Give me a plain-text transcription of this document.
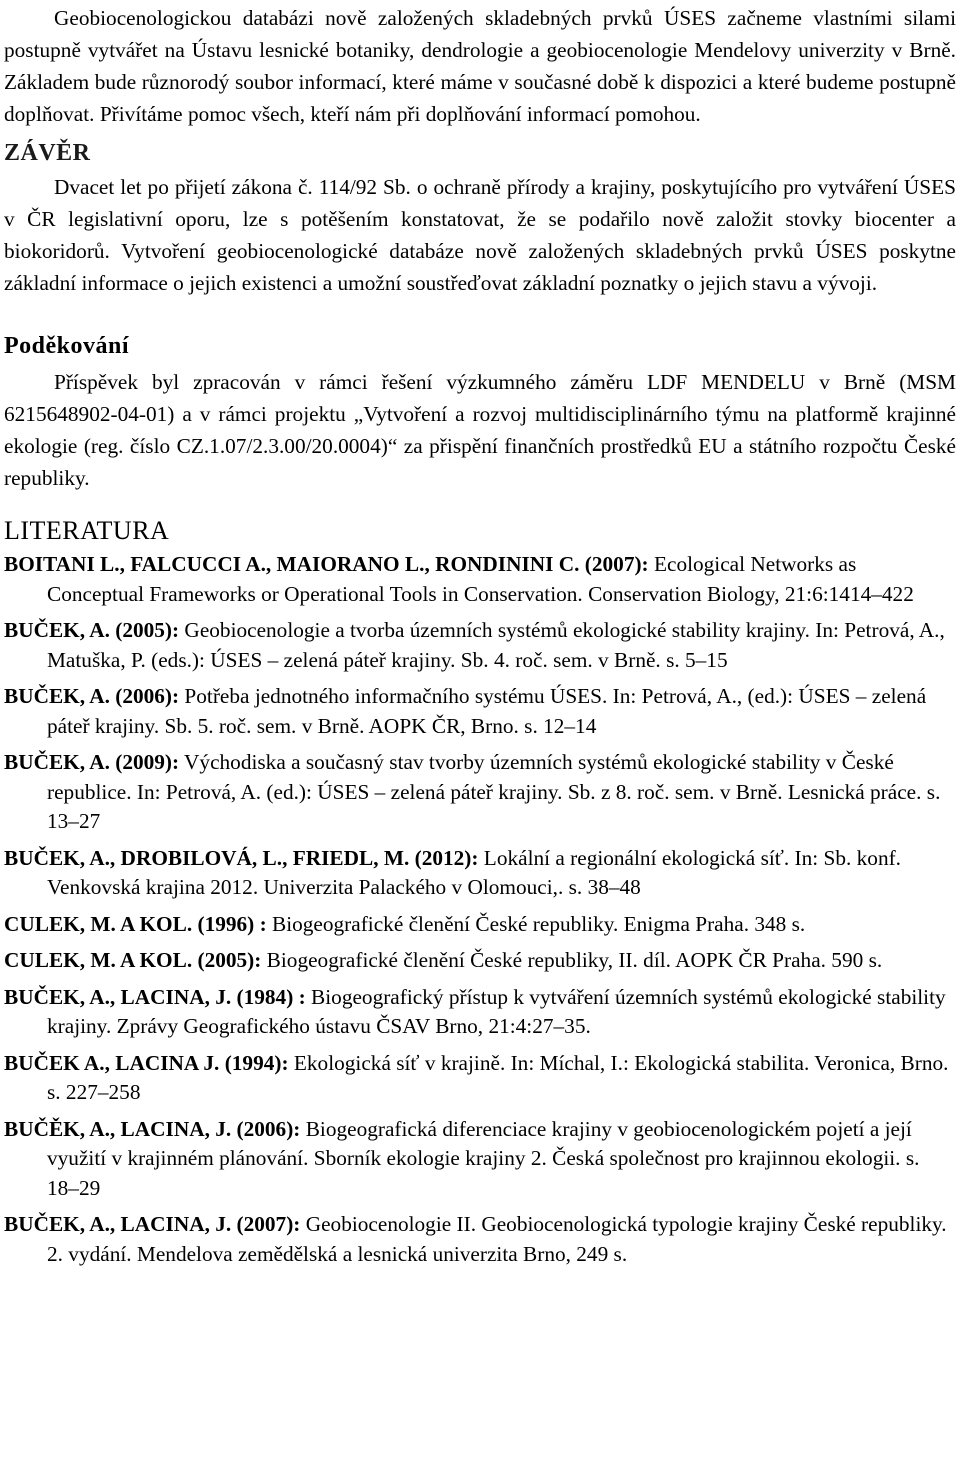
Geobiocenologickou databázi nově založených skladebných prvků ÚSES začneme vlastními silami postupně vytvářet na Ústavu lesnické botaniky, dendrologie a geobiocenologie Mendelovy univerzity v Brně. Základem bude různorodý soubor informací, které máme v současné době k dispozici a které budeme postupně doplňovat. Přivítáme pomoc všech, kteří nám při doplňování informací pomohou.

ZÁVĚR

Dvacet let po přijetí zákona č. 114/92 Sb. o ochraně přírody a krajiny, poskytujícího pro vytváření ÚSES v ČR legislativní oporu, lze s potěšením konstatovat, že se podařilo nově založit stovky biocenter a biokoridorů. Vytvoření geobiocenologické databáze nově založených skladebných prvků ÚSES poskytne základní informace o jejich existenci a umožní soustřeďovat základní poznatky o jejich stavu a vývoji.

Poděkování

Příspěvek byl zpracován v rámci řešení výzkumného záměru LDF MENDELU v Brně (MSM 6215648902-04-01) a v rámci projektu „Vytvoření a rozvoj multidisciplinárního týmu na platformě krajinné ekologie (reg. číslo CZ.1.07/2.3.00/20.0004)“ za přispění finančních prostředků EU a státního rozpočtu České republiky.

LITERATURA

BOITANI L., FALCUCCI A., MAIORANO L., RONDININI C. (2007): Ecological Networks as Conceptual Frameworks or Operational Tools in Conservation. Conservation Biology, 21:6:1414–422

BUČEK, A. (2005): Geobiocenologie a tvorba územních systémů ekologické stability krajiny. In: Petrová, A., Matuška, P. (eds.): ÚSES – zelená páteř krajiny. Sb. 4. roč. sem. v Brně. s. 5–15

BUČEK, A. (2006): Potřeba jednotného informačního systému ÚSES. In: Petrová, A., (ed.): ÚSES – zelená páteř krajiny. Sb. 5. roč. sem. v Brně. AOPK ČR, Brno. s. 12–14

BUČEK, A. (2009): Východiska a současný stav tvorby územních systémů ekologické stability v České republice. In: Petrová, A. (ed.): ÚSES – zelená páteř krajiny. Sb. z 8. roč. sem. v Brně. Lesnická práce. s. 13–27

BUČEK, A., DROBILOVÁ, L., FRIEDL, M. (2012): Lokální a regionální ekologická síť. In: Sb. konf. Venkovská krajina 2012. Univerzita Palackého v Olomouci,. s. 38–48

CULEK, M. A KOL. (1996) : Biogeografické členění České republiky. Enigma Praha. 348 s.

CULEK, M. A KOL. (2005): Biogeografické členění České republiky, II. díl. AOPK ČR Praha. 590 s.

BUČEK, A., LACINA, J. (1984) : Biogeografický přístup k vytváření územních systémů ekologické stability krajiny. Zprávy Geografického ústavu ČSAV Brno, 21:4:27–35.

BUČEK A., LACINA J. (1994): Ekologická síť v krajině. In: Míchal, I.: Ekologická stabilita. Veronica, Brno. s. 227–258

BUČĚK, A., LACINA, J. (2006): Biogeografická diferenciace krajiny v geobiocenologickém pojetí a její využití v krajinném plánování. Sborník ekologie krajiny 2. Česká společnost pro krajinnou ekologii. s. 18–29

BUČEK, A., LACINA, J. (2007): Geobiocenologie II. Geobiocenologická typologie krajiny České republiky. 2. vydání. Mendelova zemědělská a lesnická univerzita Brno, 249 s.
